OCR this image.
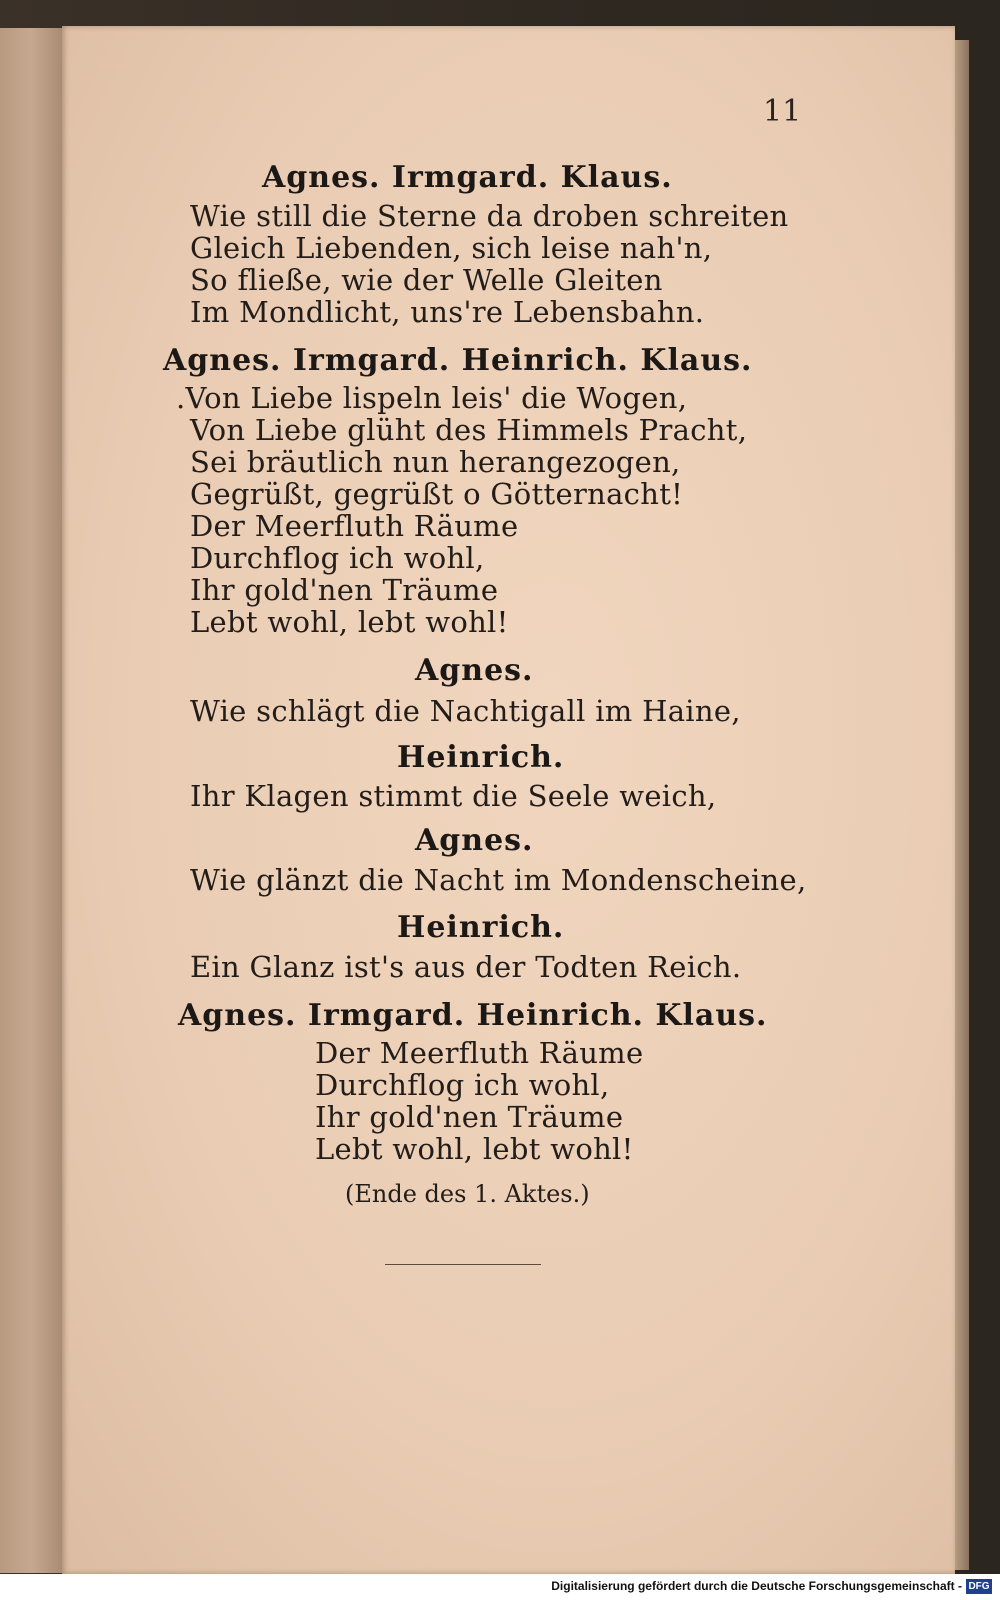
11
Agnes. Irmgard. Klaus.
Wie still die Sterne da droben schreiten
Gleich Liebenden, sich leise nah'n,
So fließe, wie der Welle Gleiten
Im Mondlicht, uns're Lebensbahn.
Agnes. Irmgard. Heinrich. Klaus.
.Von Liebe lispeln leis' die Wogen,
Von Liebe glüht des Himmels Pracht,
Sei bräutlich nun herangezogen,
Gegrüßt, gegrüßt o Götternacht!
Der Meerfluth Räume
Durchflog ich wohl,
Ihr gold'nen Träume
Lebt wohl, lebt wohl!
Agnes.
Wie schlägt die Nachtigall im Haine,
Heinrich.
Ihr Klagen stimmt die Seele weich,
Agnes.
Wie glänzt die Nacht im Mondenscheine,
Heinrich.
Ein Glanz ist's aus der Todten Reich.
Agnes. Irmgard. Heinrich. Klaus.
Der Meerfluth Räume
Durchflog ich wohl,
Ihr gold'nen Träume
Lebt wohl, lebt wohl!
(Ende des 1. Aktes.)
Digitalisierung gefördert durch die Deutsche Forschungsgemeinschaft - DFG
